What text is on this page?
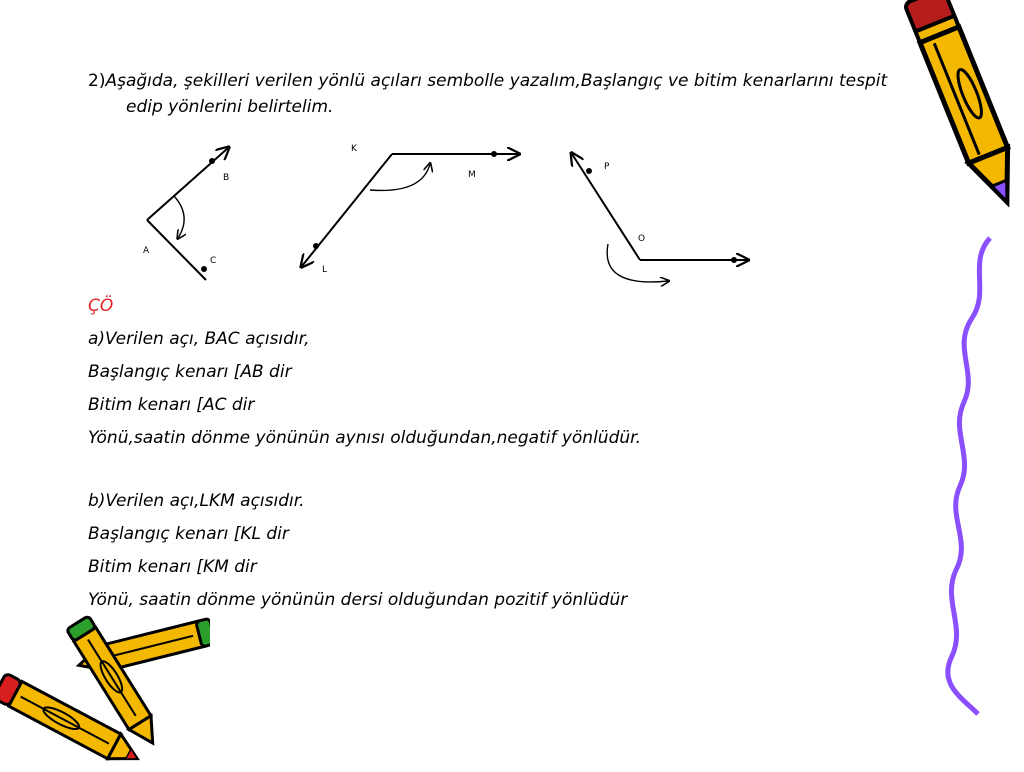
2)Aşağıda, şekilleri verilen yönlü açıları sembolle yazalım,Başlangıç ve bitim kenarlarını tespit edip yönlerini belirtelim.
A
B
C
K
L
M
P
O
ÇÖ
a)Verilen açı, BAC açısıdır,
Başlangıç kenarı [AB dir
Bitim kenarı [AC dir
Yönü,saatin dönme yönünün aynısı olduğundan,negatif yönlüdür.
b)Verilen açı,LKM açısıdır.
Başlangıç kenarı [KL dir
Bitim kenarı [KM dir
Yönü, saatin dönme yönünün dersi olduğundan pozitif yönlüdür
